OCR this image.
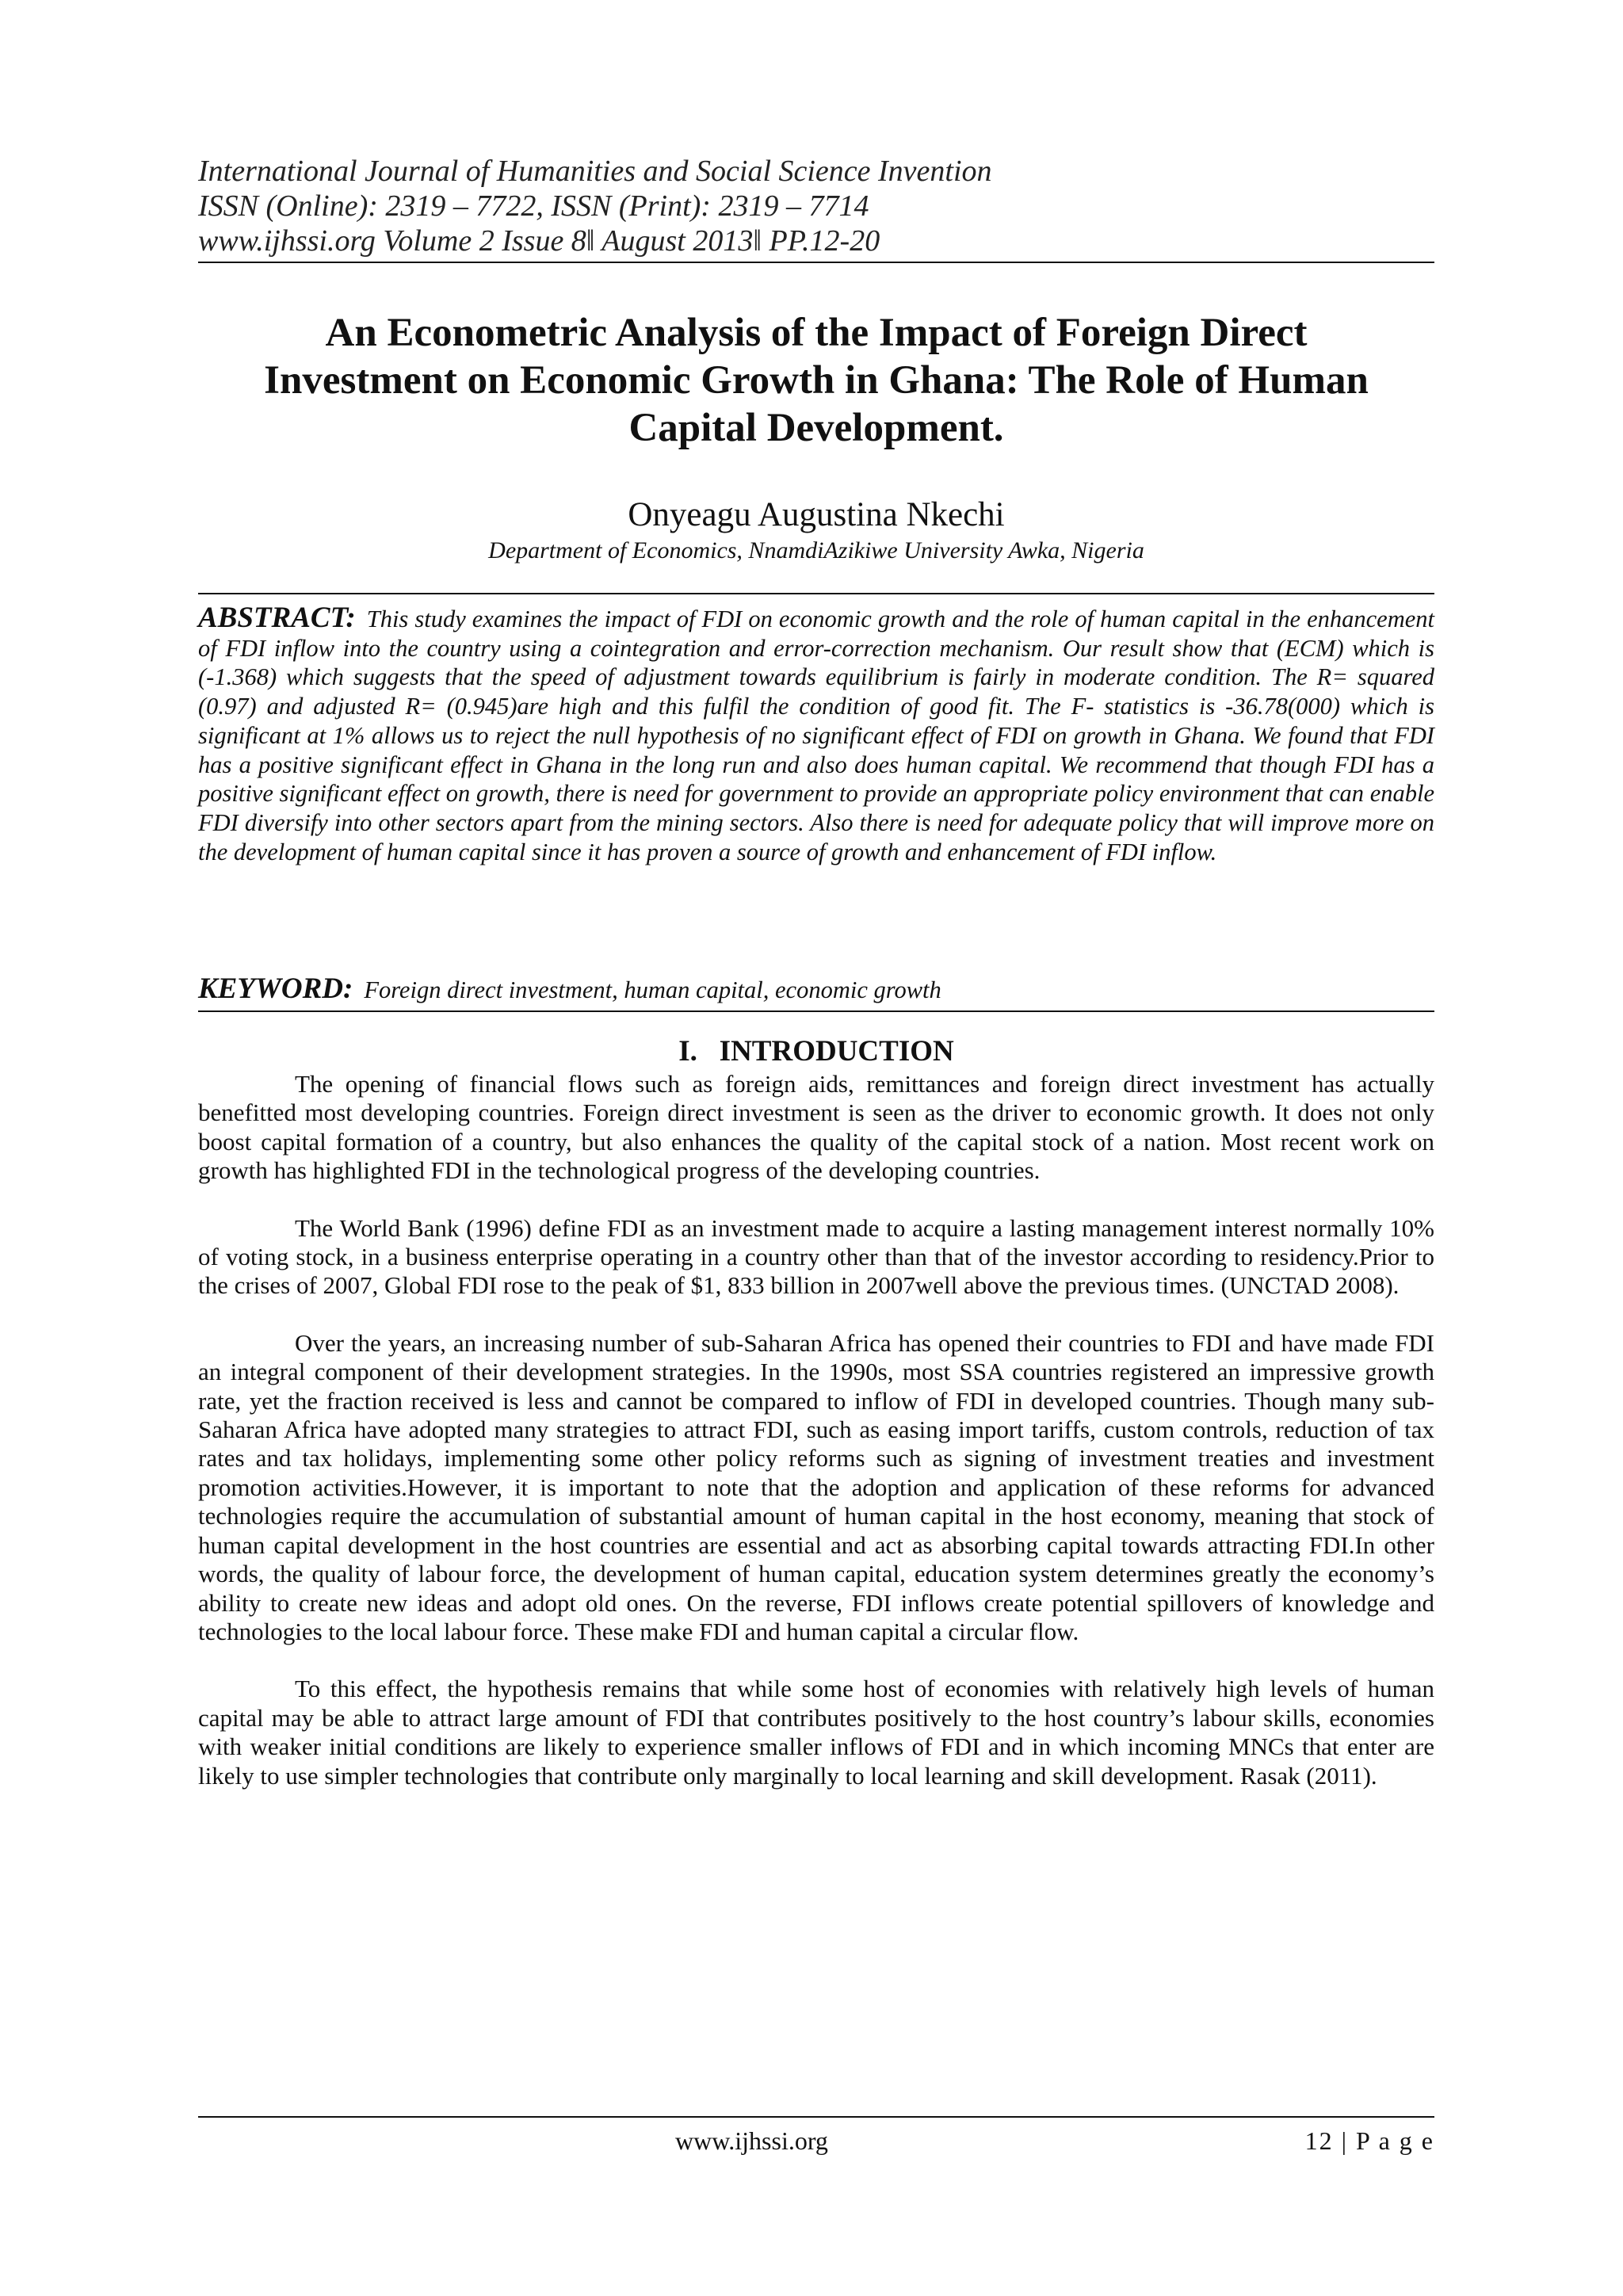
International Journal of Humanities and Social Science Invention
ISSN (Online): 2319 – 7722, ISSN (Print): 2319 – 7714
www.ijhssi.org Volume 2 Issue 8‖ August 2013‖ PP.12-20
An Econometric Analysis of the Impact of Foreign Direct
Investment on Economic Growth in Ghana: The Role of Human
Capital Development.
Onyeagu Augustina Nkechi
Department of Economics, NnamdiAzikiwe University Awka, Nigeria
ABSTRACT: This study examines the impact of FDI on economic growth and the role of human capital in the enhancement of FDI inflow into the country using a cointegration and error-correction mechanism. Our result show that (ECM) which is (-1.368) which suggests that the speed of adjustment towards equilibrium is fairly in moderate condition. The R= squared (0.97) and adjusted R= (0.945)are high and this fulfil the condition of good fit. The F- statistics is -36.78(000) which is significant at 1% allows us to reject the null hypothesis of no significant effect of FDI on growth in Ghana. We found that FDI has a positive significant effect in Ghana in the long run and also does human capital. We recommend that though FDI has a positive significant effect on growth, there is need for government to provide an appropriate policy environment that can enable FDI diversify into other sectors apart from the mining sectors. Also there is need for adequate policy that will improve more on the development of human capital since it has proven a source of growth and enhancement of FDI inflow.
KEYWORD: Foreign direct investment, human capital, economic growth
I.   INTRODUCTION

The opening of financial flows such as foreign aids, remittances and foreign direct investment has actually benefitted most developing countries. Foreign direct investment is seen as the driver to economic growth. It does not only boost capital formation of a country, but also enhances the quality of the capital stock of a nation. Most recent work on growth has highlighted FDI in the technological progress of the developing countries.

The World Bank (1996) define FDI as an investment made to acquire a lasting management interest normally 10% of voting stock, in a business enterprise operating in a country other than that of the investor according to residency.Prior to the crises of 2007, Global FDI rose to the peak of $1, 833 billion in 2007well above the previous times. (UNCTAD 2008).

Over the years, an increasing number of sub-Saharan Africa has opened their countries to FDI and have made FDI an integral component of their development strategies. In the 1990s, most SSA countries registered an impressive growth rate, yet the fraction received is less and cannot be compared to inflow of FDI in developed countries. Though many sub-Saharan Africa have adopted many strategies to attract FDI, such as easing import tariffs, custom controls, reduction of tax rates and tax holidays, implementing some other policy reforms such as signing of investment treaties and investment promotion activities.However, it is important to note that the adoption and application of these reforms for advanced technologies require the accumulation of substantial amount of human capital in the host economy, meaning that stock of human capital development in the host countries are essential and act as absorbing capital towards attracting FDI.In other words, the quality of labour force, the development of human capital, education system determines greatly the economy’s ability to create new ideas and adopt old ones. On the reverse, FDI inflows create potential spillovers of knowledge and technologies to the local labour force. These make FDI and human capital a circular flow.

To this effect, the hypothesis remains that while some host of economies with relatively high levels of human capital may be able to attract large amount of FDI that contributes positively to the host country’s labour skills, economies with weaker initial conditions are likely to experience smaller inflows of FDI and in which incoming MNCs that enter are likely to use simpler technologies that contribute only marginally to local learning and skill development. Rasak (2011).

www.ijhssi.org	12 | P a g e
